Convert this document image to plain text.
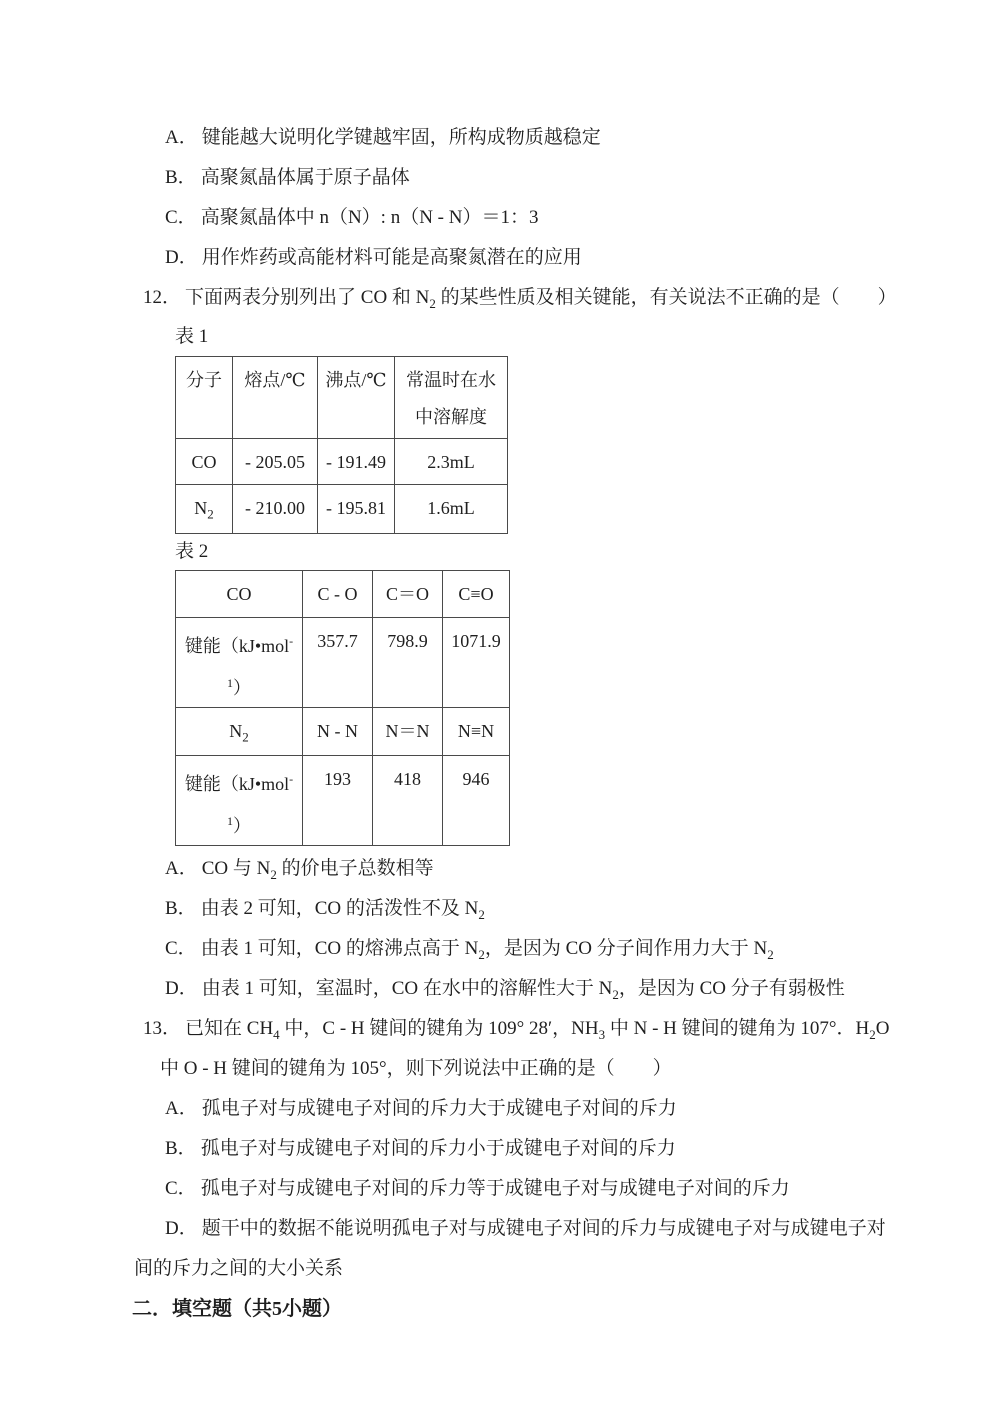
A． 键能越大说明化学键越牢固，所构成物质越稳定
B． 高聚氮晶体属于原子晶体
C． 高聚氮晶体中 n（N）: n（N - N）＝1：3
D． 用作炸药或高能材料可能是高聚氮潜在的应用
12． 下面两表分别列出了 CO 和 $N_2$ 的某些性质及相关键能，有关说法不正确的是（　　）
表 1
分子	熔点/℃	沸点/℃	常温时在水
中溶解度
CO	- 205.05	- 191.49	2.3mL
$N_2$	- 210.00	- 195.81	1.6mL
表 2
CO	C - O	C＝O	C≡O
键能（kJ•mol-
$^1$）	357.7	798.9	1071.9
$N_2$	N - N	N＝N	N≡N
键能（kJ•mol-
$^1$）	193	418	946
A． CO 与 $N_2$ 的价电子总数相等
B． 由表 2 可知，CO 的活泼性不及 $N_2$
C． 由表 1 可知，CO 的熔沸点高于 $N_2$，是因为 CO 分子间作用力大于 $N_2$
D． 由表 1 可知，室温时，CO 在水中的溶解性大于 $N_2$，是因为 CO 分子有弱极性
13． 已知在 $CH_4$ 中，C - H 键间的键角为 109° 28′，$NH_3$ 中 N - H 键间的键角为 107°．$H_2O$
中 O - H 键间的键角为 105°，则下列说法中正确的是（　　）
A． 孤电子对与成键电子对间的斥力大于成键电子对间的斥力
B． 孤电子对与成键电子对间的斥力小于成键电子对间的斥力
C． 孤电子对与成键电子对间的斥力等于成键电子对与成键电子对间的斥力
D． 题干中的数据不能说明孤电子对与成键电子对间的斥力与成键电子对与成键电子对
间的斥力之间的大小关系
二．填空题（共5小题）
